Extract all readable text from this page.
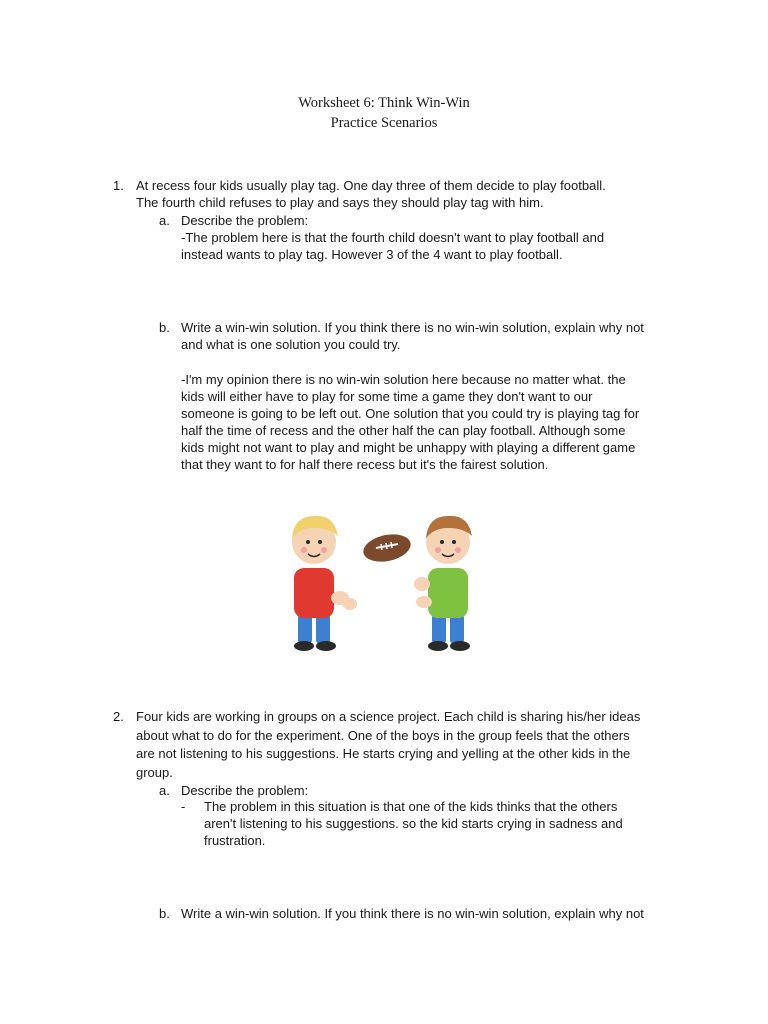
Worksheet 6: Think Win-Win
Practice Scenarios
1. At recess four kids usually play tag. One day three of them decide to play football.
The fourth child refuses to play and says they should play tag with him.
a. Describe the problem:
-The problem here is that the fourth child doesn't want to play football and
instead wants to play tag. However 3 of the 4 want to play football.
b. Write a win-win solution. If you think there is no win-win solution, explain why not
and what is one solution you could try.
-I'm my opinion there is no win-win solution here because no matter what. the
kids will either have to play for some time a game they don't want to our
someone is going to be left out. One solution that you could try is playing tag for
half the time of recess and the other half the can play football. Although some
kids might not want to play and might be unhappy with playing a different game
that they want to for half there recess but it's the fairest solution.
2. Four kids are working in groups on a science project. Each child is sharing his/her ideas
about what to do for the experiment. One of the boys in the group feels that the others
are not listening to his suggestions. He starts crying and yelling at the other kids in the
group.
a. Describe the problem:
- The problem in this situation is that one of the kids thinks that the others
aren't listening to his suggestions. so the kid starts crying in sadness and
frustration.
b. Write a win-win solution. If you think there is no win-win solution, explain why not
